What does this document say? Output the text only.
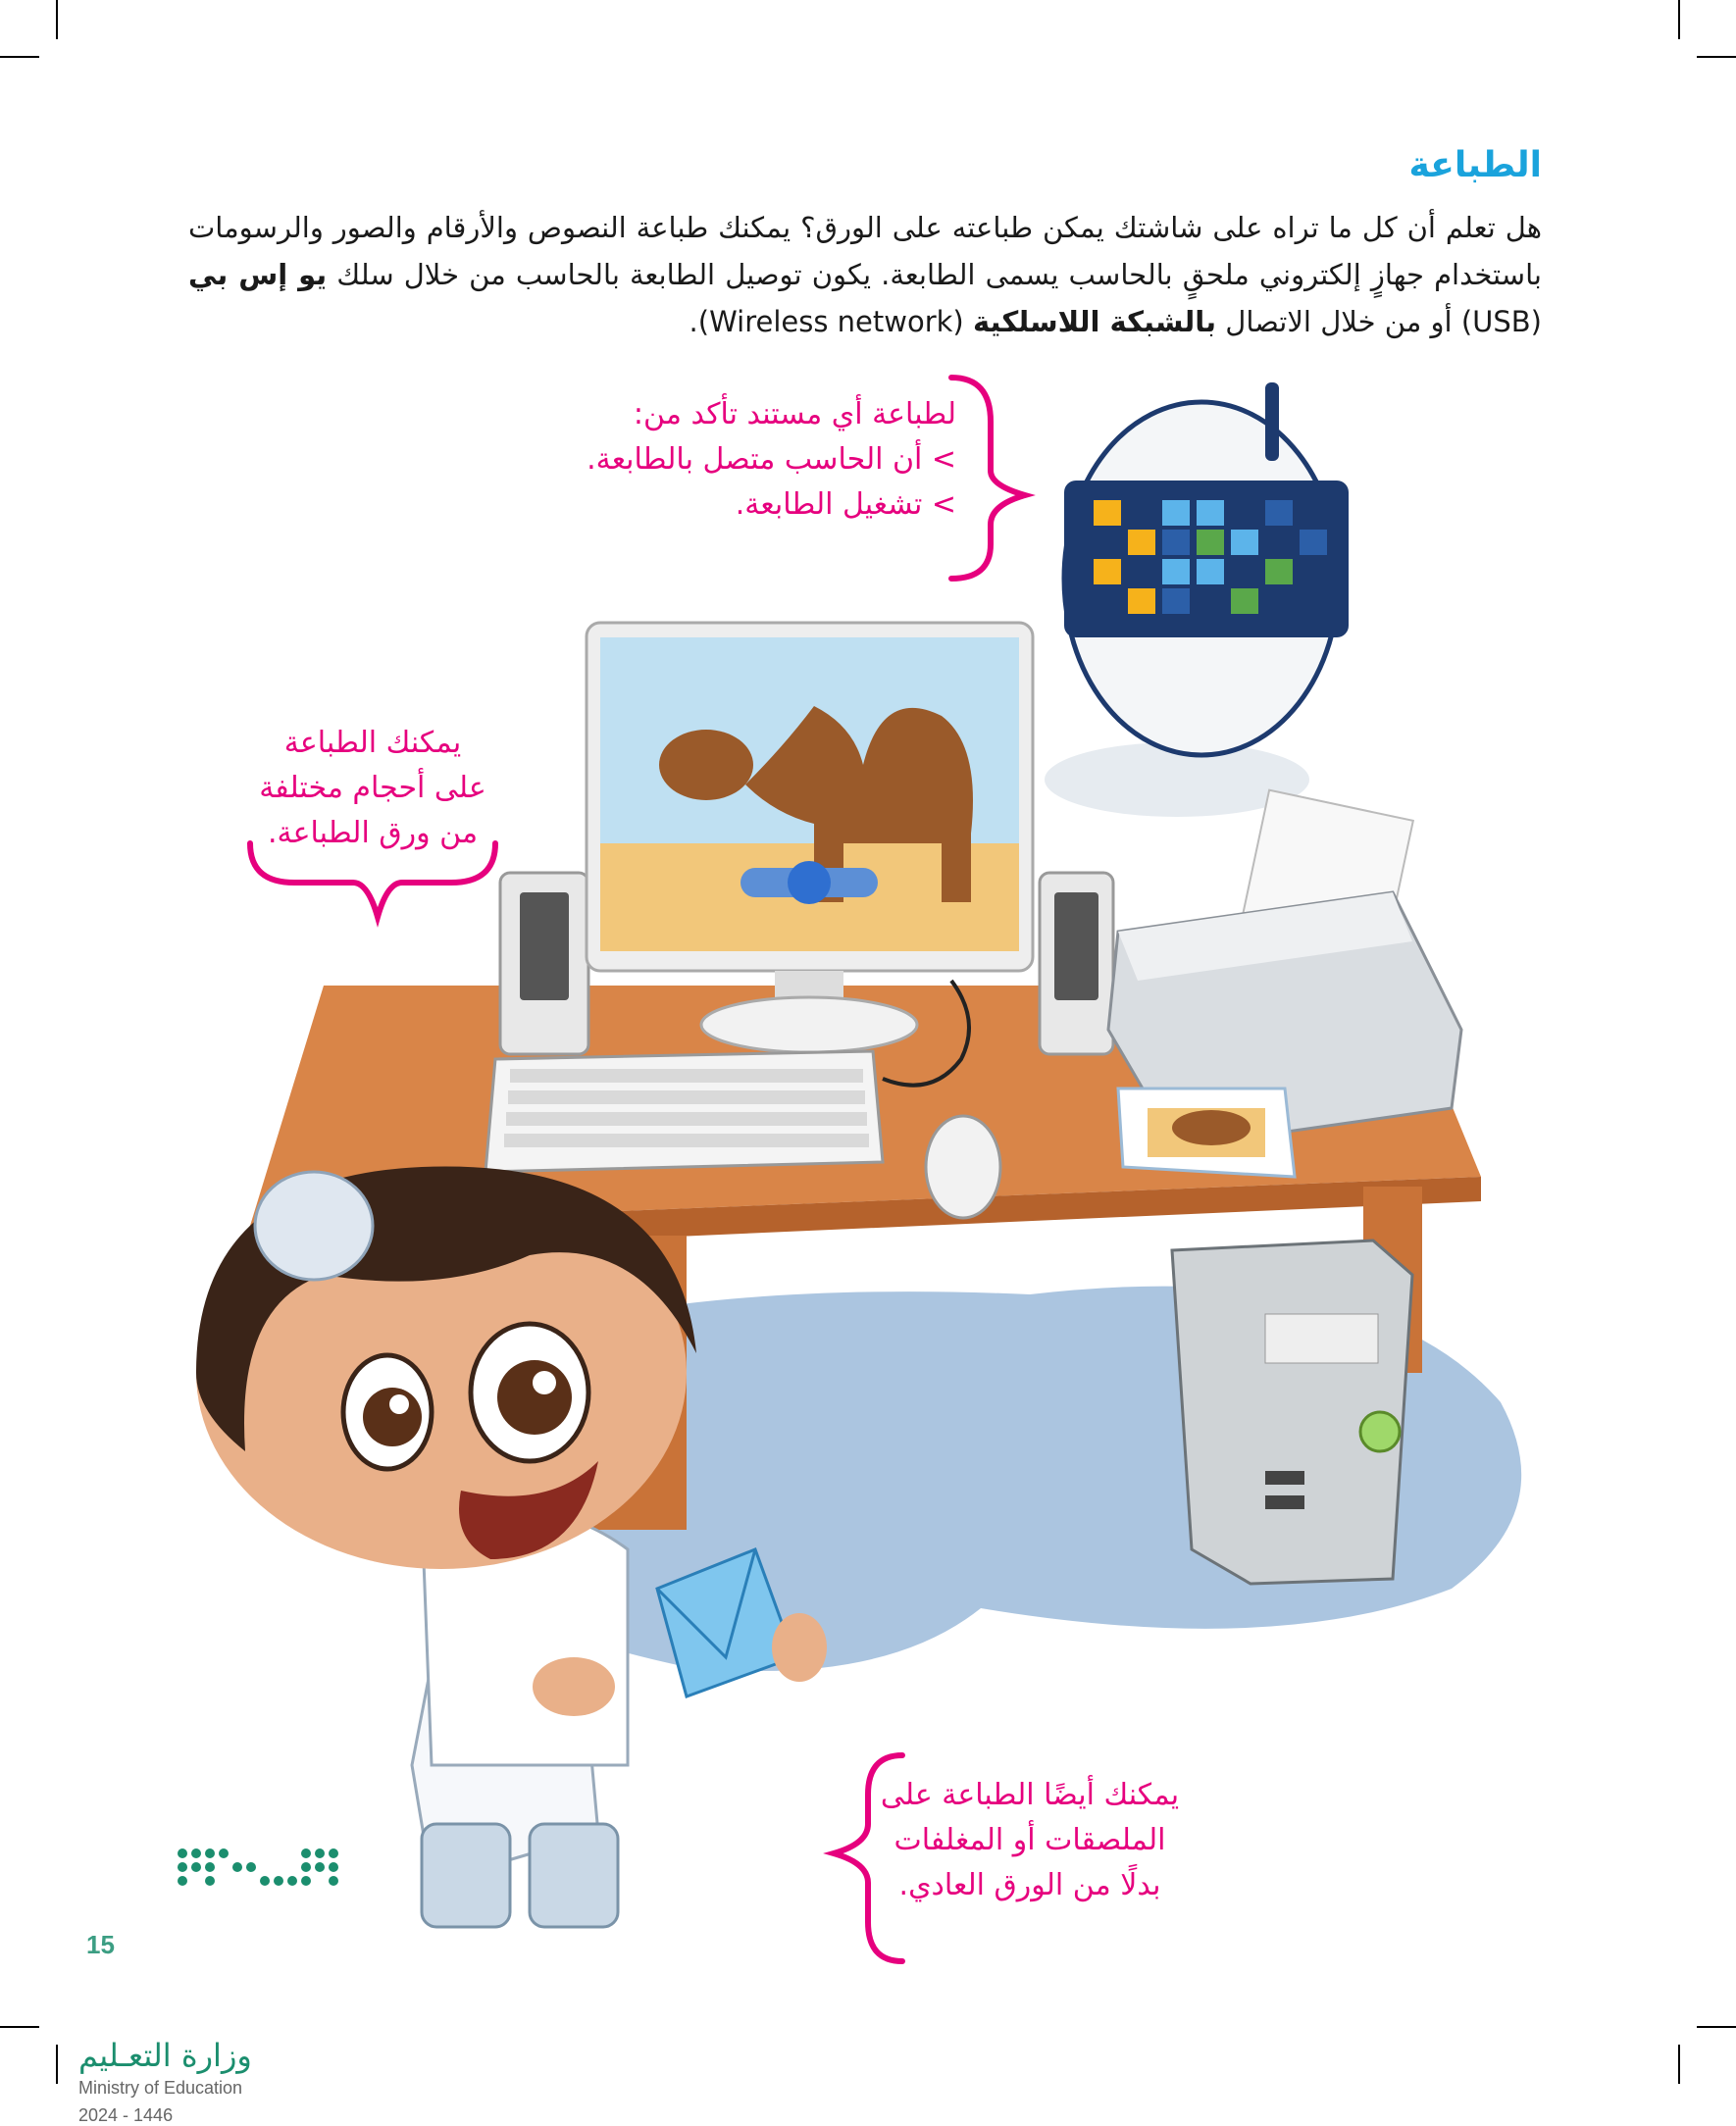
الطباعة

هل تعلم أن كل ما تراه على شاشتك يمكن طباعته على الورق؟ يمكنك طباعة النصوص والأرقام والصور والرسومات باستخدام جهازٍ إلكتروني ملحقٍ بالحاسب يسمى الطابعة. يكون توصيل الطابعة بالحاسب من خلال سلك يو إس بي (USB) أو من خلال الاتصال بالشبكة اللاسلكية (Wireless network).

لطباعة أي مستند تأكد من:
> أن الحاسب متصل بالطابعة.
> تشغيل الطابعة.
يمكنك الطباعة
على أحجام مختلفة
من ورق الطباعة.
يمكنك أيضًا الطباعة على
الملصقات أو المغلفات
بدلًا من الورق العادي.
وزارة التعـليم
Ministry of Education
2024 - 1446
15
